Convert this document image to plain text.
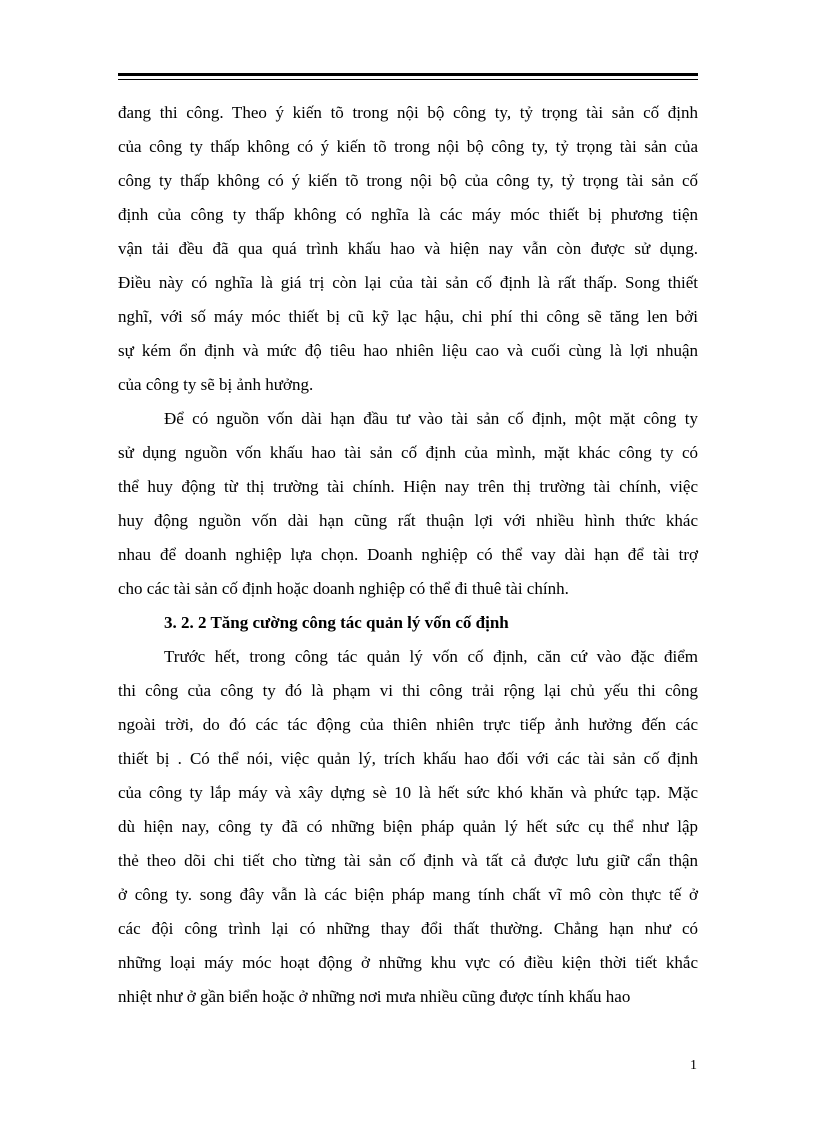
đang thi công. Theo ý kiến tõ trong nội bộ công ty, tỷ trọng tài sản cố định
của công ty thấp không có ý kiến tõ trong nội bộ công ty, tỷ trọng tài sản của
công ty thấp không có ý kiến tõ trong nội bộ của công ty, tỷ trọng tài sản cố
định của công ty thấp không có nghĩa là các máy móc thiết bị phương tiện
vận tải đều đã qua quá trình khấu hao và hiện nay vẫn còn được sử dụng.
Điều này có nghĩa là giá trị còn lại của tài sản cố định là rất thấp. Song thiết
nghĩ, với số máy móc thiết bị cũ kỹ lạc hậu, chi phí thi công sẽ tăng len bởi
sự kém ổn định và mức độ tiêu hao nhiên liệu cao và cuối cùng là lợi nhuận
của công ty sẽ bị ảnh hưởng.
Để có nguồn vốn dài hạn đầu tư vào tài sản cố định, một mặt công ty
sử dụng nguồn vốn khấu hao tài sản cố định của mình, mặt khác công ty có
thể huy động từ thị trường tài chính. Hiện nay trên thị trường tài chính, việc
huy động nguồn vốn dài hạn cũng rất thuận lợi với nhiều hình thức khác
nhau để doanh nghiệp lựa chọn. Doanh nghiệp có thể vay dài hạn để tài trợ
cho các tài sản cố định hoặc doanh nghiệp có thể đi thuê tài chính.
3. 2. 2 Tăng cường công tác quản lý vốn cố định
Trước hết, trong công tác quản lý vốn cố định, căn cứ vào đặc điểm
thi công của công ty đó là phạm vi thi công trải rộng lại chủ yếu thi công
ngoài trời, do đó các tác động của thiên nhiên trực tiếp ảnh hưởng đến các
thiết bị . Có thể nói, việc quản lý, trích khấu hao đối với các tài sản cố định
của công ty lắp máy và xây dựng sè 10 là hết sức khó khăn và phức tạp. Mặc
dù hiện nay, công ty đã có những biện pháp quản lý hết sức cụ thể như lập
thẻ theo dõi chi tiết cho từng tài sản cố định và tất cả được lưu giữ cẩn thận
ở công ty. song đây vẫn là các biện pháp mang tính chất vĩ mô còn thực tế ở
các đội công trình lại có những thay đổi thất thường. Chẳng hạn như có
những loại máy móc hoạt động ở những khu vực có điều kiện thời tiết khắc
nhiệt như ở gần biển hoặc ở những nơi mưa nhiều cũng được tính khấu hao
1
